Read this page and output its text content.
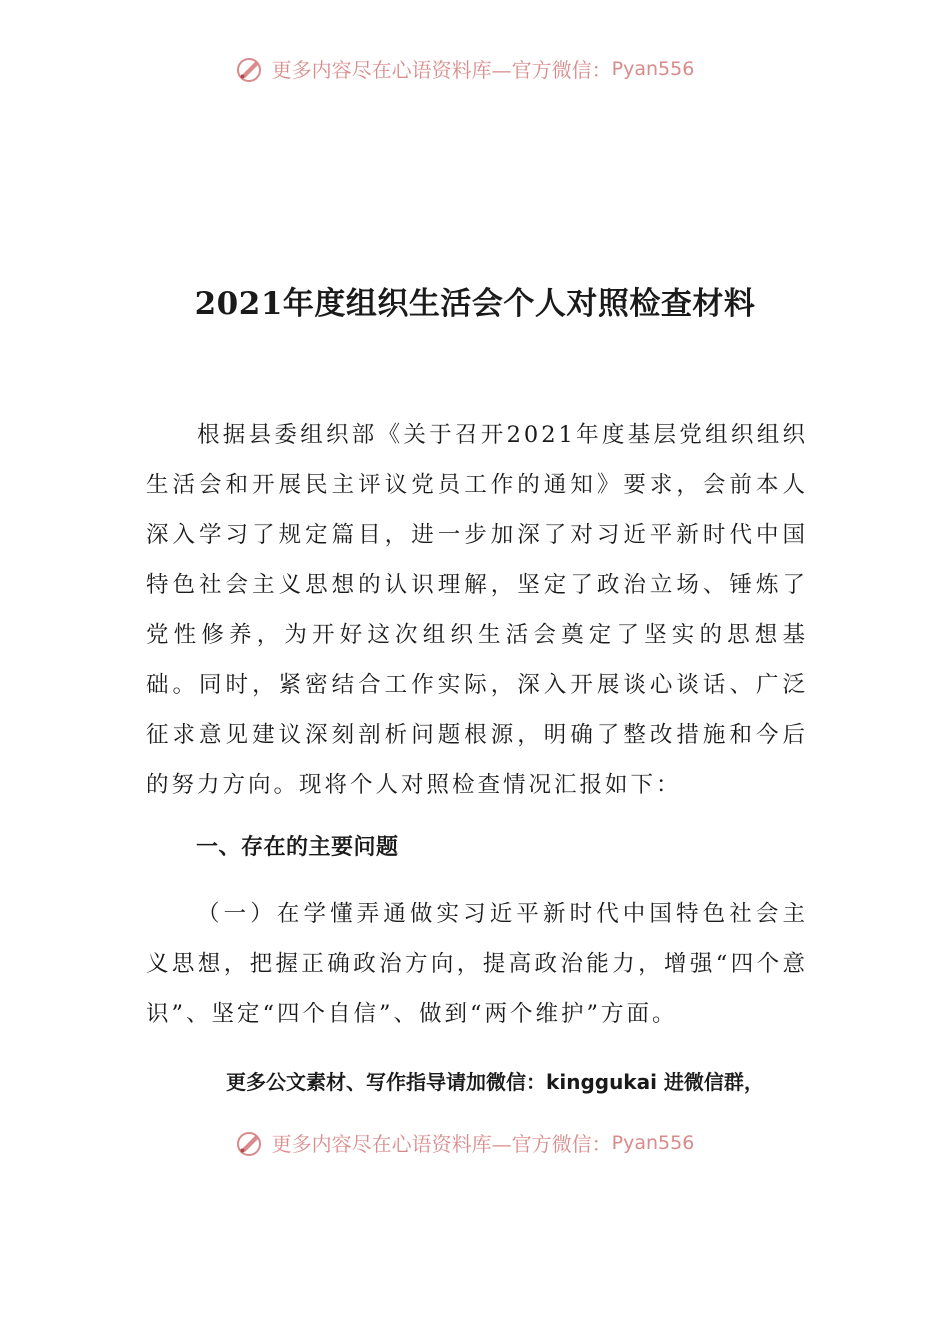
更多内容尽在心语资料库—官方微信： Pyan556
2021年度组织生活会个人对照检查材料

根据县委组织部《关于召开2021年度基层党组织组织生活会和开展民主评议党员工作的通知》要求，会前本人深入学习了规定篇目，进一步加深了对习近平新时代中国特色社会主义思想的认识理解，坚定了政治立场、锤炼了党性修养，为开好这次组织生活会奠定了坚实的思想基础。同时，紧密结合工作实际，深入开展谈心谈话、广泛征求意见建议深刻剖析问题根源，明确了整改措施和今后的努力方向。现将个人对照检查情况汇报如下：

一、存在的主要问题

（一）在学懂弄通做实习近平新时代中国特色社会主义思想，把握正确政治方向，提高政治能力，增强“四个意识”、坚定“四个自信”、做到“两个维护”方面。

更多公文素材、写作指导请加微信：kinggukai 进微信群，

更多内容尽在心语资料库—官方微信： Pyan556
